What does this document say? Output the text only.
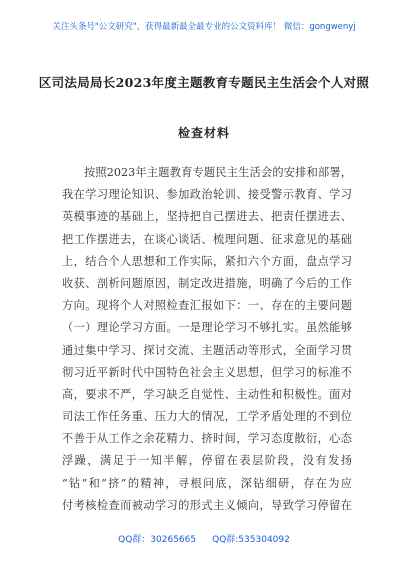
关注头条号"公文研究"，获得最新最全最专业的公文资料库！ 微信：gongwenyj
区司法局局长2023年度主题教育专题民主生活会个人对照
检查材料
按照2023年主题教育专题民主生活会的安排和部署，
我在学习理论知识、参加政治轮训、接受警示教育、学习
英模事迹的基础上，坚持把自己摆进去、把责任摆进去、
把工作摆进去，在谈心谈话、梳理问题、征求意见的基础
上，结合个人思想和工作实际，紧扣六个方面，盘点学习
收获、剖析问题原因，制定改进措施，明确了今后的工作
方向。现将个人对照检查汇报如下：一、存在的主要问题
（一）理论学习方面。一是理论学习不够扎实。虽然能够
通过集中学习、探讨交流、主题活动等形式，全面学习贯
彻习近平新时代中国特色社会主义思想，但学习的标准不
高，要求不严，学习缺乏自觉性、主动性和积极性。面对
司法工作任务重、压力大的情况，工学矛盾处理的不到位
不善于从工作之余花精力、挤时间，学习态度散衍，心态
浮躁，满足于一知半解，停留在表层阶段，没有发扬
“钻”和“挤”的精神，寻根问底，深钻细研，存在为应
付考核检查而被动学习的形式主义倾向，导致学习停留在
QQ群：30265665 QQ群:535304092
